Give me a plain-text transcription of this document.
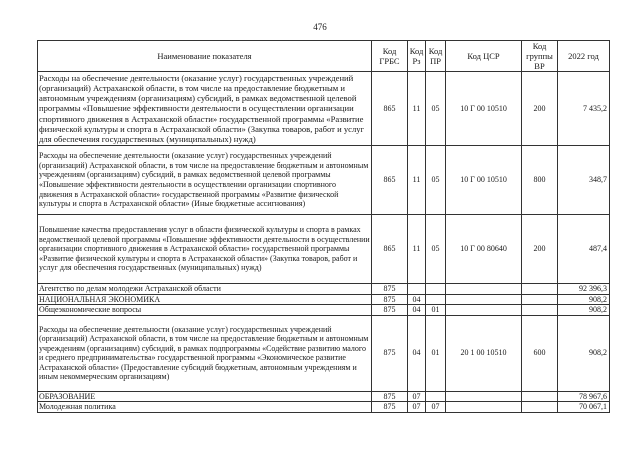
476
Наименование показателя	Код ГРБС	Код Рз	Код ПР	Код ЦСР	Код группы ВР	2022 год
Расходы на обеспечение деятельности (оказание услуг) государственных учреждений (организаций) Астраханской области, в том числе на предоставление бюджетным и автономным учреждениям (организациям) субсидий, в рамках ведомственной целевой программы «Повышение эффективности деятельности в осуществлении организации спортивного движения в Астраханской области» государственной программы «Развитие физической культуры и спорта в Астраханской области» (Закупка товаров, работ и услуг для обеспечения государственных (муниципальных) нужд)	865	11	05	10 Г 00 10510	200	7 435,2
Расходы на обеспечение деятельности (оказание услуг) государственных учреждений (организаций) Астраханской области, в том числе на предоставление бюджетным и автономным учреждениям (организациям) субсидий, в рамках ведомственной целевой программы «Повышение эффективности деятельности в осуществлении организации спортивного движения в Астраханской области» государственной программы «Развитие физической культуры и спорта в Астраханской области» (Иные бюджетные ассигнования)	865	11	05	10 Г 00 10510	800	348,7
Повышение качества предоставления услуг в области физической культуры и спорта в рамках ведомственной целевой программы «Повышение эффективности деятельности в осуществлении организации спортивного движения в Астраханской области» государственной программы «Развитие физической культуры и спорта в Астраханской области» (Закупка товаров, работ и услуг для обеспечения государственных (муниципальных) нужд)	865	11	05	10 Г 00 80640	200	487,4
Агентство по делам молодежи Астраханской области	875					92 396,3
НАЦИОНАЛЬНАЯ ЭКОНОМИКА	875	04				908,2
Общеэкономические вопросы	875	04	01			908,2
Расходы на обеспечение деятельности (оказание услуг) государственных учреждений (организаций) Астраханской области, в том числе на предоставление бюджетным и автономным учреждениям (организациям) субсидий, в рамках подпрограммы «Содействие развитию малого и среднего предпринимательства» государственной программы «Экономическое развитие Астраханской области» (Предоставление субсидий бюджетным, автономным учреждениям и иным некоммерческим организациям)	875	04	01	20 1 00 10510	600	908,2
ОБРАЗОВАНИЕ	875	07				78 967,6
Молодежная политика	875	07	07			70 067,1
